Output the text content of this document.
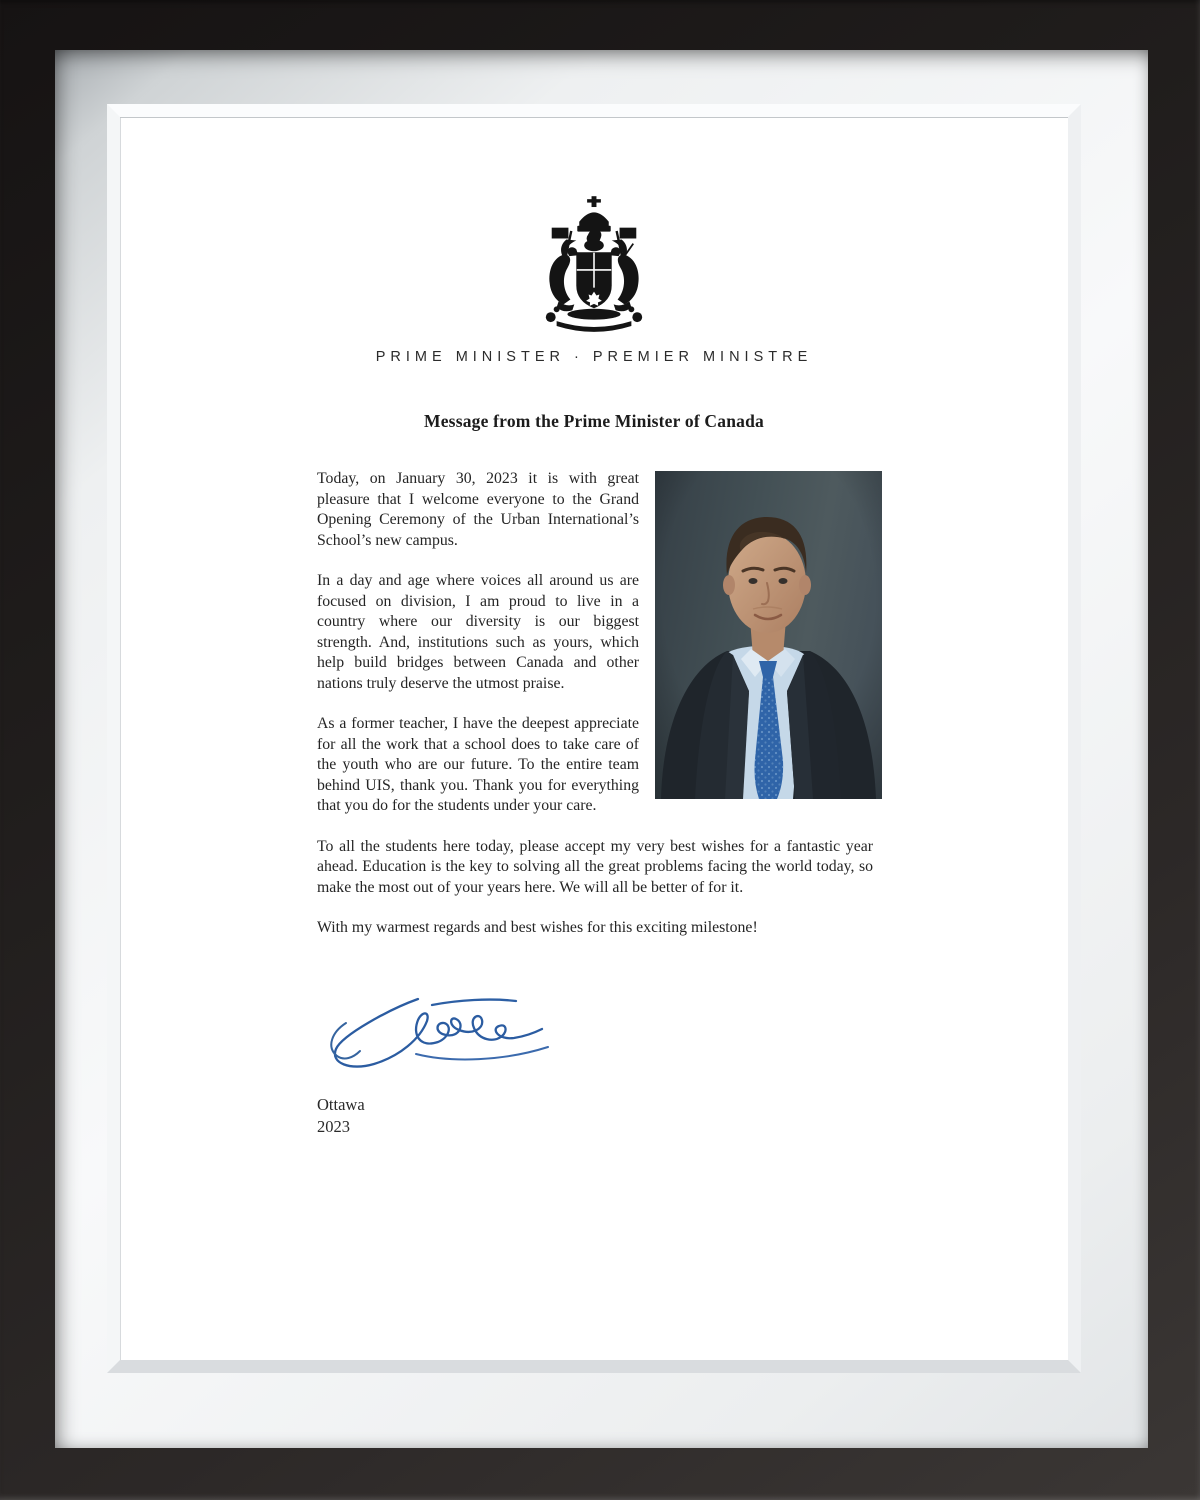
PRIME MINISTER · PREMIER MINISTRE
Message from the Prime Minister of Canada

Today, on January 30, 2023 it is with great pleasure that I welcome everyone to the Grand Opening Ceremony of the Urban International’s School’s new campus.

In a day and age where voices all around us are focused on division, I am proud to live in a country where our diversity is our biggest strength. And, institutions such as yours, which help build bridges between Canada and other nations truly deserve the utmost praise.

As a former teacher, I have the deepest appreciate for all the work that a school does to take care of the youth who are our future. To the entire team behind UIS, thank you. Thank you for everything that you do for the students under your care.

To all the students here today, please accept my very best wishes for a fantastic year ahead. Education is the key to solving all the great problems facing the world today, so make the most out of your years here. We will all be better of for it.

With my warmest regards and best wishes for this exciting milestone!

Ottawa
2023
